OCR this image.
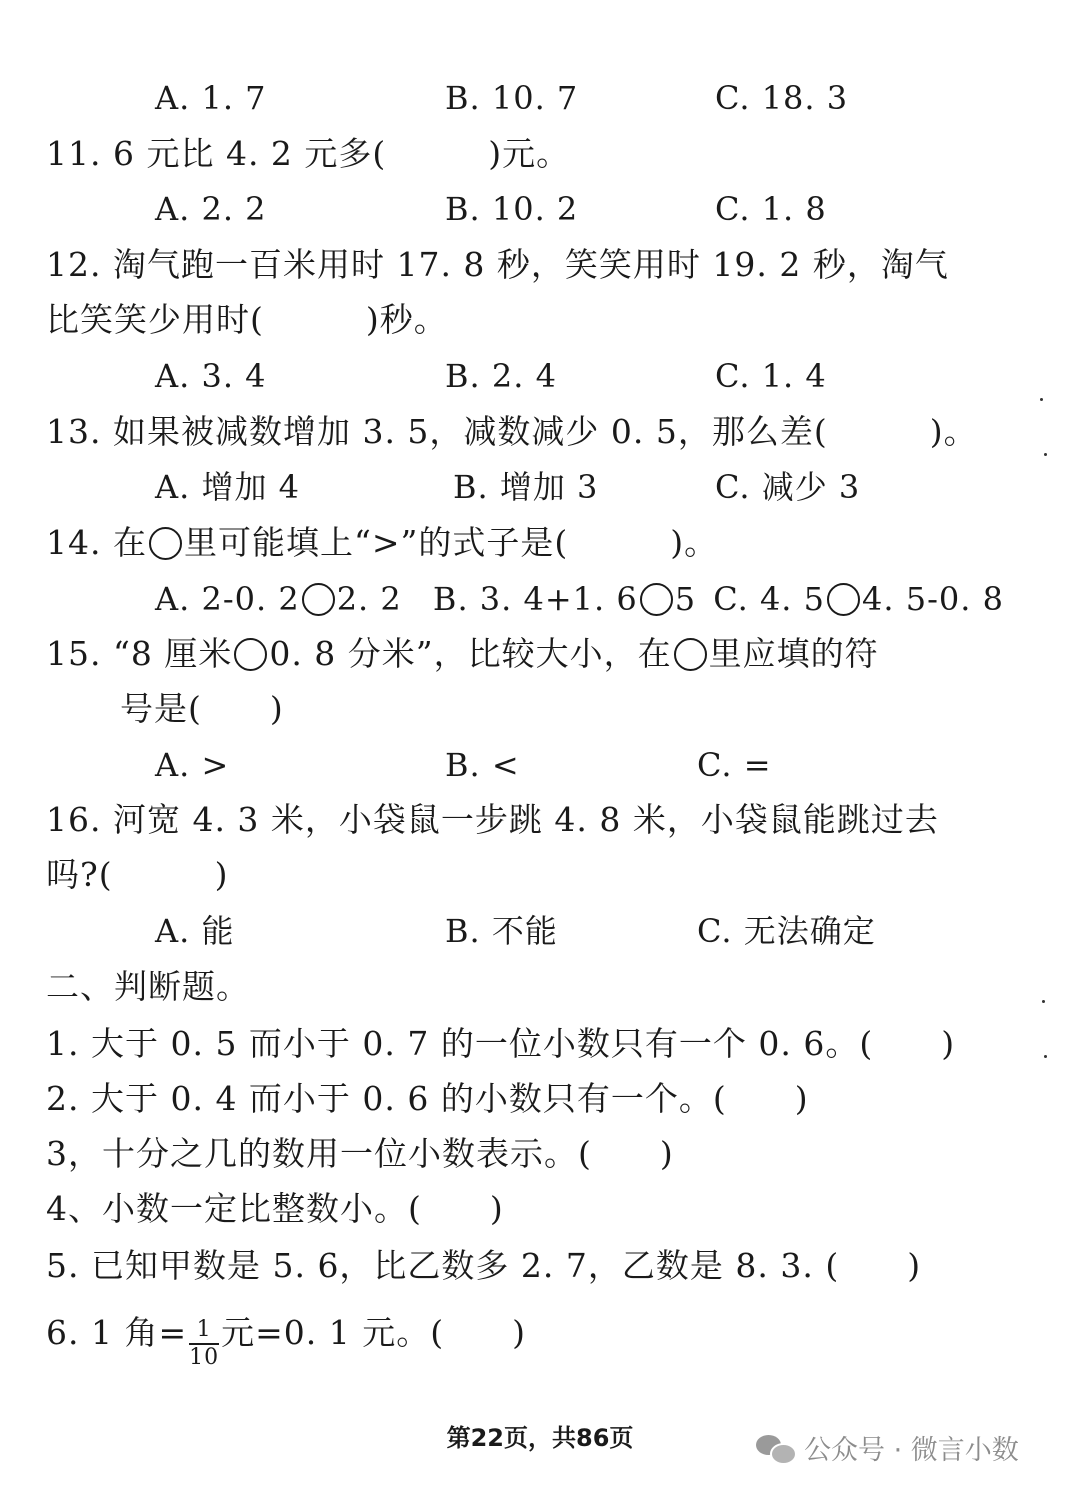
A. 1. 7	B. 10. 7	C. 18. 3
11. 6 元比 4. 2 元多(　　　)元。
A. 2. 2	B. 10. 2	C. 1. 8
12. 淘气跑一百米用时 17. 8 秒，笑笑用时 19. 2 秒，淘气
比笑笑少用时(　　　)秒。
A. 3. 4	B. 2. 4	C. 1. 4
13. 如果被减数增加 3. 5，减数减少 0. 5，那么差(　　　)。
A. 增加 4	B. 增加 3	C. 减少 3
14. 在 里可能填上“>”的式子是(　　　)。
A. 2-0. 2 2. 2 B. 3. 4+1. 6 5 C. 4. 5 4. 5-0. 8
15. “8 厘米 0. 8 分米”，比较大小，在 里应填的符
号是(　　)
A. >	B. <	C. =
16. 河宽 4. 3 米，小袋鼠一步跳 4. 8 米，小袋鼠能跳过去
吗?(　　　)
A. 能	B. 不能	C. 无法确定
二、判断题。
1. 大于 0. 5 而小于 0. 7 的一位小数只有一个 0. 6。(　　)
2. 大于 0. 4 而小于 0. 6 的小数只有一个。(　　)
3，十分之几的数用一位小数表示。(　　)
4、小数一定比整数小。(　　)
5. 已知甲数是 5. 6，比乙数多 2. 7，乙数是 8. 3. (　　)
6. 1 角= $\frac{1}{10}$ 元=0. 1 元。(　　)
第22页，共86页	公众号 · 微言小数
